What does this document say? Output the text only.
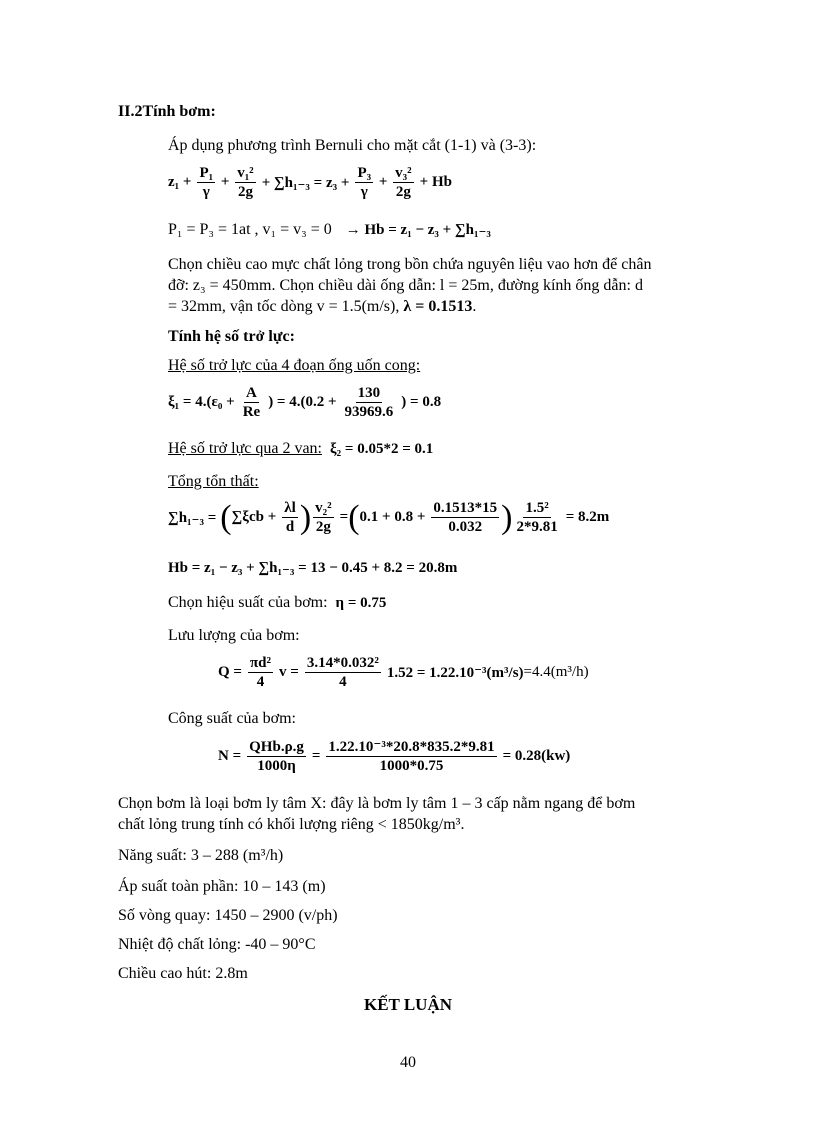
II.2Tính bơm:
Áp dụng phương trình Bernuli cho mặt cắt (1-1) và (3-3):
$z_1 + \frac{\text{P₁}}{\gamma} + \frac{\text{v₁²}}{2g} + \sum h_{1-3} = z_3 + \frac{\text{P₃}}{\gamma} + \frac{\text{v₃²}}{2g} + Hb$
P₁ = P₃ = 1at , v₁ = v₃ = 0 → Hb = z₁ − z₃ + ∑h₁₋₃
Chọn chiều cao mực chất lỏng trong bồn chứa nguyên liệu vao hơn để chân
đỡ: z₃ = 450mm. Chọn chiều dài ống dẫn: l = 25m, đường kính ống dẫn: d
= 32mm, vận tốc dòng v = 1.5(m/s), λ = 0.1513.
Tính hệ số trở lực:
Hệ số trở lực của 4 đoạn ống uốn cong:
$\xi_1 = 4.(\varepsilon_0 + \frac{A}{Re}$ ) = $4.(0.2 + \frac{130}{93969.6}$ ) = 0.8
Hệ số trở lực qua 2 van: ξ₂ = 0.05*2 = 0.1
Tổng tổn thất:
∑h₁₋₃ = ( $\sum\xi cb + \frac{\lambda l}{d}$ ) $\frac{\text{v₂²}}{2g}$ = ( $0.1 + 0.8 + \frac{0.1513*15}{0.032}$ ) $\frac{\text{1.5²}}{2*9.81} = 8.2m$
Hb = z₁ − z₃ + ∑h₁₋₃ = 13 − 0.45 + 8.2 = 20.8m
Chọn hiệu suất của bơm: η = 0.75
Lưu lượng của bơm:
$Q = \frac{\text{πd²}}{4}$ $v = \frac{\text{3.14*0.032²}}{4} 1.52 = 1.22.10^{-3}(m^3/s) =4.4(m^3/h)$
Công suất của bơm:
$N = \frac{\text{QHb.ρ.g}}{1000\eta} = \frac{\text{1.22.10⁻³*20.8*835.2*9.81}}{1000*0.75} = 0.28(kw)$
Chọn bơm là loại bơm ly tâm X: đây là bơm ly tâm 1 – 3 cấp nằm ngang để bơm
chất lỏng trung tính có khối lượng riêng < 1850kg/m³.
Năng suất: 3 – 288 (m³/h)
Áp suất toàn phần: 10 – 143 (m)
Số vòng quay: 1450 – 2900 (v/ph)
Nhiệt độ chất lỏng: -40 – 90°C
Chiều cao hút: 2.8m
KẾT LUẬN
40
